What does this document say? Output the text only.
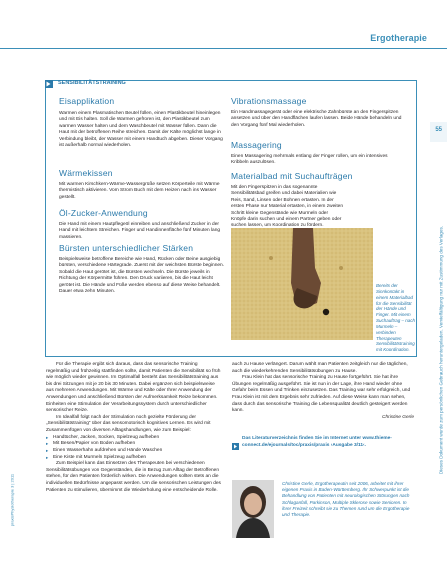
Ergotherapie
55
Dieses Dokument wurde zum persönlichen Gebrauch heruntergeladen. Vervielfältigung nur mit Zustimmung des Verlages.
praxisPhysiotherapie 3 | 2011
SENSIBILITÄTSTRAINING
Eisapplikation
Warmen einem Plasmatischen Beutel füllen, einen Plastikbeutel hineinlegen und mit Eis halten. Soll die Warmen gefroren ist, den Plastikbeutel zum warmen Wasser halten und dem Waschbeutel mit Wasser füllen. Dann die Haut mit der betroffenen Reihe streichen. Damit der Kälte möglichst lange in Verbindung bleibt, der Wasser mit einem Handtuch abgeben. Dieser Vorgang ist außerhalb normal wiederholen.
Wärmekissen
Mit warmen Kirschkern-Wärme-Wassergrüße setzen Körperteile mit Wärme thermistisch aktivieren. Vom Strom Buch mit dem Heizen nach ins Wasser gestellt.
Öl-Zucker-Anwendung
Die Hand mit einem Hautpflegeöl einreiben und anschließend Zucker in der Hand mit leichtem Streichen. Finger und Handinnenfläche fünf Minuten lang massieren.
Bürsten unterschiedlicher Stärken
Beispielsweise betroffene Bereiche wie Hand, Rücken oder Beine ausgiebig bürsten, verschiedene Härtegrade. Zuerst mit der weichsten Bürste beginnen. Sobald die Haut gerötet ist, die Bürsten wechseln. Die Bürste jeweils in Richtung der Körpermitte führen. Den Druck variieren, bis die Haut leicht gerötet ist. Die Hände und Füße werden ebenso auf diese Weise behandelt. Dauer etwa zehn Minuten.
Vibrationsmassage
Ein Handmassagegerät oder eine elektrische Zahnbürste an den Fingerspitzen ansetzen und über den Handflächen laufen lassen. Beide Hände behandeln und den Vorgang fünf Mal wiederholen.
Massagering
Einen Massagering mehrmals entlang der Finger rollen, um ein intensives Kribbeln auszulösen.
Materialbad mit Suchaufträgen
Mit den Fingerspitzen in das sogenannte Sensibilitätsbad greifen und dabei Materialien wie Reis, Sand, Linsen oder Bohnen ertasten. In der ersten Phase nur Material ertasten, in einem zweiten Schritt kleine Gegenstände wie Murmeln oder Knöpfe darin suchen und einem Partner geben oder suchen lassen, um Koordination zu fördern.
Bereits der Sinnkontakt in einem Materialbad für die Sensibilität der Hände und Finger. Mit einem Suchauftrag – nach Murmeln – verbinden Therapeuten Sensibilitätstraining mit Koordination.

Für die Therapie ergibt sich daraus, dass das sensorische Training regelmäßig und frühzeitig stattfinden sollte, damit Patienten die Sensibilität so früh wie möglich wieder gewinnen. Im Optimalfall besteht das Sensibilitätstraining aus bis drei Sitzungen mit je 20 bis 30 Minuten. Dabei ergänzen sich beispielsweise aus mehreren Anwendungen. Mit Wärme und Kälte oder Ihrer Anwendung der Anwendungen und anschließend Bürsten der Aufmerksamkeit Reize bekommen. Einheiten eine Stimulation der Verarbeitungssystem durch unterschiedlicher sensorischer Reize.

Im Idealfall folgt nach der Stimulation noch gezielte Förderung der „Sensibilitätstraining“ über das sensomotorisch kognitives Lernen. Es wird mit Zusammenfügen von diversen Alltagshandlungen, wie zum Beispiel:

▸ Handtücher, Jacken, Socken, Spielzeug aufheben

▸ Mit Besen/Papier von Boden aufheben

▸ Einen Wasserhahn aufdrehen und Hände Waschen

▸ Eine Kiste mit Murmeln Spielzeug aufheben

Zum Beispiel kann das Einsetzen des Therapeuten bei verschiedenen Sensibilitätsübungen von Gegenständen, die in Bezug zum Alltag der Betroffenen stehen, für den Patienten förderlich wirken. Die Anwendungen sollten stets an die individuellen Bedürfnisse angepasst werden. Um die sensorischen Leistungen des Patienten zu stimulieren, übernimmt die Wiederholung eine entscheidende Rolle.

auch zu Hause verlängert. Darum wählt man Patienten zeitgleich nur die täglichen, auch die wiederkehrenden Sensibilitätsübungen zu Hause.

Frau Klein hat das sensorische Training zu Hause fortgeführt. Sie hat ihre Übungen regelmäßig ausgeführt. Sie ist nun in der Lage, ihre Hand wieder ohne Gefahr beim Essen und Trinken einzusetzen. Das Training war sehr erfolgreich, und Frau Klein ist mit dem Ergebnis sehr zufrieden. Auf diese Weise kann man sehen, dass durch das sensorische Training die Lebensqualität deutlich gesteigert werden kann.

Christine Gerle

Das Literaturverzeichnis finden Sie im Internet unter www.thieme-connect.de/ejournals/toc/praxis/praxis ›Ausgabe 3/11‹.
Christine Gerle, Ergotherapeutin seit 2006, arbeitet mit ihrer eigenen Praxis in Baden-Württemberg. Ihr Schwerpunkt ist die Behandlung von Patienten mit neurologischen Störungen nach Schlaganfall, Parkinson, Multiple Sklerose sowie Senioren. In ihrer Freizeit schreibt sie zu Themen rund um die Ergotherapie und Therapie.
